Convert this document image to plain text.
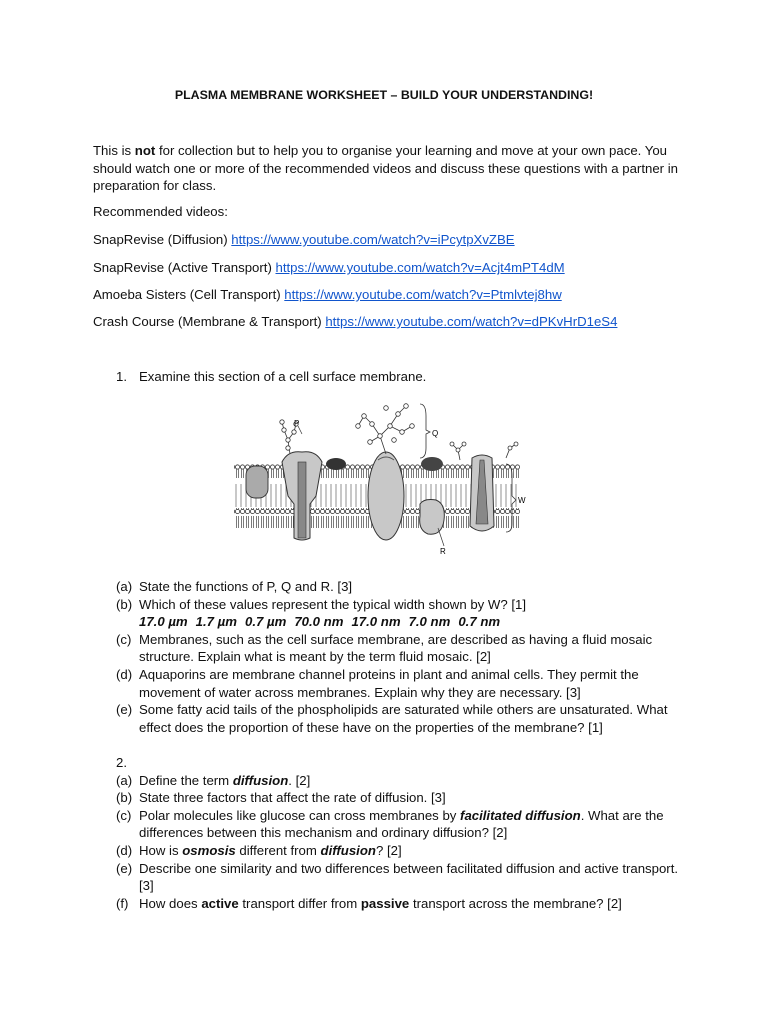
PLASMA MEMBRANE WORKSHEET – BUILD YOUR UNDERSTANDING!
This is not for collection but to help you to organise your learning and move at your own pace. You should watch one or more of the recommended videos and discuss these questions with a partner in preparation for class.
Recommended videos:
SnapRevise (Diffusion) https://www.youtube.com/watch?v=iPcytpXvZBE
SnapRevise (Active Transport) https://www.youtube.com/watch?v=Acjt4mPT4dM
Amoeba Sisters (Cell Transport) https://www.youtube.com/watch?v=Ptmlvtej8hw
Crash Course (Membrane & Transport) https://www.youtube.com/watch?v=dPKvHrD1eS4
1. Examine this section of a cell surface membrane.
P
Q
R
W
(a) State the functions of P, Q and R. [3]
(b) Which of these values represent the typical width shown by W? [1]
17.0 µm 1.7 µm 0.7 µm 70.0 nm 17.0 nm 7.0 nm 0.7 nm
(c) Membranes, such as the cell surface membrane, are described as having a fluid mosaic structure. Explain what is meant by the term fluid mosaic. [2]
(d) Aquaporins are membrane channel proteins in plant and animal cells. They permit the movement of water across membranes. Explain why they are necessary. [3]
(e) Some fatty acid tails of the phospholipids are saturated while others are unsaturated. What effect does the proportion of these have on the properties of the membrane? [1]
2.
(a) Define the term diffusion. [2]
(b) State three factors that affect the rate of diffusion. [3]
(c) Polar molecules like glucose can cross membranes by facilitated diffusion. What are the differences between this mechanism and ordinary diffusion? [2]
(d) How is osmosis different from diffusion? [2]
(e) Describe one similarity and two differences between facilitated diffusion and active transport. [3]
(f) How does active transport differ from passive transport across the membrane? [2]
